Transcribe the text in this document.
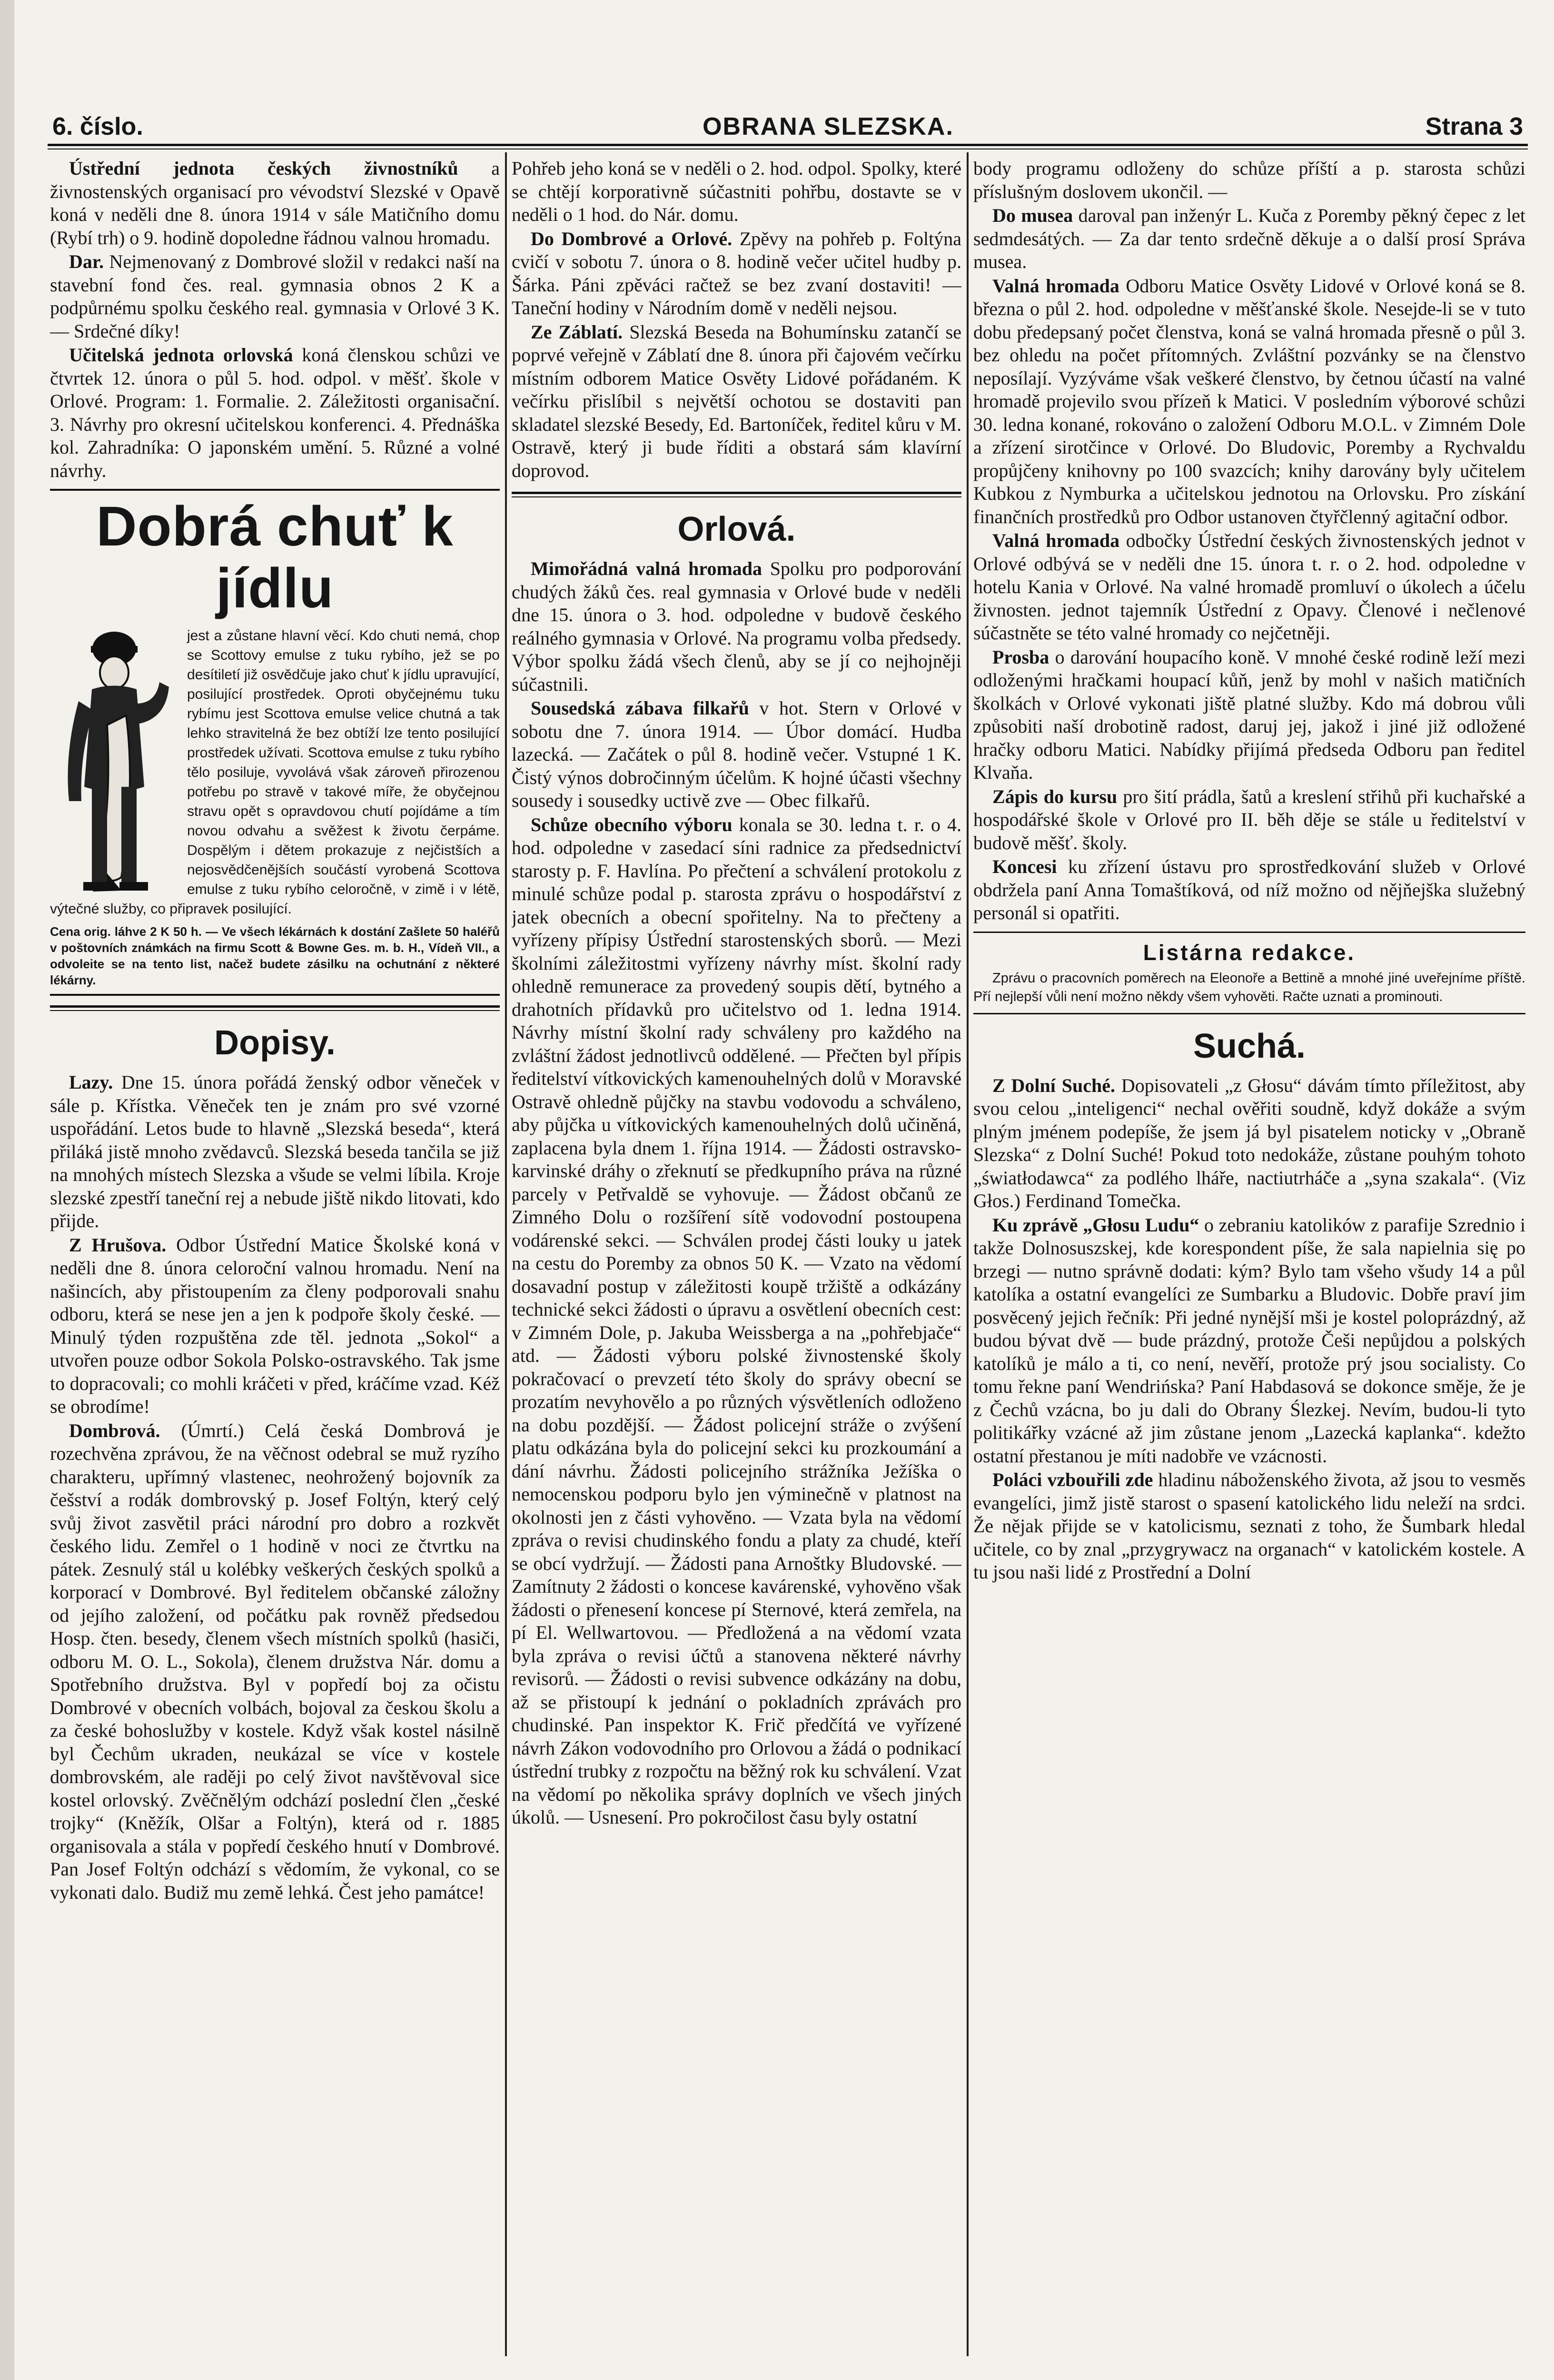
6. číslo.	OBRANA SLEZSKA.	Strana 3

Ústřední jednota českých živnostníků a živnostenských organisací pro vévodství Slezské v Opavě koná v neděli dne 8. února 1914 v sále Matičního domu (Rybí trh) o 9. hodině dopoledne řádnou valnou hromadu.

Dar. Nejmenovaný z Dombrové složil v redakci naší na stavební fond čes. real. gymnasia obnos 2 K a podpůrnému spolku českého real. gymnasia v Orlové 3 K. — Srdečné díky!

Učitelská jednota orlovská koná členskou schůzi ve čtvrtek 12. února o půl 5. hod. odpol. v měšť. škole v Orlové. Program: 1. Formalie. 2. Záležitosti organisační. 3. Návrhy pro okresní učitelskou konferenci. 4. Přednáška kol. Zahradníka: O japonském umění. 5. Různé a volné návrhy.

Dobrá chuť k jídlu
jest a zůstane hlavní věcí. Kdo chuti nemá, chop se Scottovy emulse z tuku rybího, jež se po desítiletí již osvědčuje jako chuť k jídlu upravující, posilující prostředek. Oproti obyčejnému tuku rybímu jest Scottova emulse velice chutná a tak lehko stravitelná že bez obtíží lze tento posilující prostředek užívati. Scottova emulse z tuku rybího tělo posiluje, vyvolává však zároveň přirozenou potřebu po stravě v takové míře, že obyčejnou stravu opět s opravdovou chutí pojídáme a tím novou odvahu a svěžest k životu čerpáme. Dospělým i dětem prokazuje z nejčistších a nejosvědčenějších součástí vyrobená Scottova emulse z tuku rybího celoročně, v zimě i v létě, výtečné služby, co připravek posilující.
Cena orig. láhve 2 K 50 h. — Ve všech lékárnách k dostání Zašlete 50 haléřů v poštovních známkách na firmu Scott & Bowne Ges. m. b. H., Vídeň VII., a odvoleite se na tento list, načež budete zásilku na ochutnání z některé lékárny.
Dopisy.

Lazy. Dne 15. února pořádá ženský odbor věneček v sále p. Křístka. Věneček ten je znám pro své vzorné uspořádání. Letos bude to hlavně „Slezská beseda“, která přiláká jistě mnoho zvědavců. Slezská beseda tančila se již na mnohých místech Slezska a všude se velmi líbila. Kroje slezské zpestří taneční rej a nebude jiště nikdo litovati, kdo přijde.

Z Hrušova. Odbor Ústřední Matice Školské koná v neděli dne 8. února celoroční valnou hromadu. Není na našincích, aby přistoupením za členy podporovali snahu odboru, která se nese jen a jen k podpoře školy české. — Minulý týden rozpuštěna zde těl. jednota „Sokol“ a utvořen pouze odbor Sokola Polsko-ostravského. Tak jsme to dopracovali; co mohli kráčeti v před, kráčíme vzad. Kéž se obrodíme!

Dombrová. (Úmrtí.) Celá česká Dombrová je rozechvěna zprávou, že na věčnost odebral se muž ryzího charakteru, upřímný vlastenec, neohrožený bojovník za češství a rodák dombrovský p. Josef Foltýn, který celý svůj život zasvětil práci národní pro dobro a rozkvět českého lidu. Zemřel o 1 hodině v noci ze čtvrtku na pátek. Zesnulý stál u kolébky veškerých českých spolků a korporací v Dombrové. Byl ředitelem občanské záložny od jejího založení, od počátku pak rovněž předsedou Hosp. čten. besedy, členem všech místních spolků (hasiči, odboru M. O. L., Sokola), členem družstva Nár. domu a Spotřebního družstva. Byl v popředí boj za očistu Dombrové v obecních volbách, bojoval za českou školu a za české bohoslužby v kostele. Když však kostel násilně byl Čechům ukraden, neukázal se více v kostele dombrovském, ale raději po celý život navštěvoval sice kostel orlovský. Zvěčnělým odchází poslední člen „české trojky“ (Kněžík, Olšar a Foltýn), která od r. 1885 organisovala a stála v popředí českého hnutí v Dombrové. Pan Josef Foltýn odchází s vědomím, že vykonal, co se vykonati dalo. Budiž mu země lehká. Čest jeho památce!

Pohřeb jeho koná se v neděli o 2. hod. odpol. Spolky, které se chtějí korporativně súčastniti pohřbu, dostavte se v neděli o 1 hod. do Nár. domu.

Do Dombrové a Orlové. Zpěvy na pohřeb p. Foltýna cvičí v sobotu 7. února o 8. hodině večer učitel hudby p. Šárka. Páni zpěváci račtež se bez zvaní dostaviti! — Taneční hodiny v Národním domě v neděli nejsou.

Ze Záblatí. Slezská Beseda na Bohumínsku zatančí se poprvé veřejně v Záblatí dne 8. února při čajovém večírku místním odborem Matice Osvěty Lidové pořádaném. K večírku přislíbil s největší ochotou se dostaviti pan skladatel slezské Besedy, Ed. Bartoníček, ředitel kůru v M. Ostravě, který ji bude říditi a obstará sám klavírní doprovod.

Orlová.

Mimořádná valná hromada Spolku pro podporování chudých žáků čes. real gymnasia v Orlové bude v neděli dne 15. února o 3. hod. odpoledne v budově českého reálného gymnasia v Orlové. Na programu volba předsedy. Výbor spolku žádá všech členů, aby se jí co nejhojněji súčastnili.

Sousedská zábava filkařů v hot. Stern v Orlové v sobotu dne 7. února 1914. — Úbor domácí. Hudba lazecká. — Začátek o půl 8. hodině večer. Vstupné 1 K. Čistý výnos dobročinným účelům. K hojné účasti všechny sousedy i sousedky uctivě zve — Obec filkařů.

Schůze obecního výboru konala se 30. ledna t. r. o 4. hod. odpoledne v zasedací síni radnice za předsednictví starosty p. F. Havlína. Po přečtení a schválení protokolu z minulé schůze podal p. starosta zprávu o hospodářství z jatek obecních a obecní spořitelny. Na to přečteny a vyřízeny přípisy Ústřední starostenských sborů. — Mezi školními záležitostmi vyřízeny návrhy míst. školní rady ohledně remunerace za provedený soupis dětí, bytného a drahotních přídavků pro učitelstvo od 1. ledna 1914. Návrhy místní školní rady schváleny pro každého na zvláštní žádost jednotlivců oddělené. — Přečten byl přípis ředitelství vítkovických kamenouhelných dolů v Moravské Ostravě ohledně půjčky na stavbu vodovodu a schváleno, aby půjčka u vítkovických kamenouhelných dolů učiněná, zaplacena byla dnem 1. října 1914. — Žádosti ostravsko-karvinské dráhy o zřeknutí se předkupního práva na různé parcely v Petřvaldě se vyhovuje. — Žádost občanů ze Zimného Dolu o rozšíření sítě vodovodní postoupena vodárenské sekci. — Schválen prodej části louky u jatek na cestu do Poremby za obnos 50 K. — Vzato na vědomí dosavadní postup v záležitosti koupě tržiště a odkázány technické sekci žádosti o úpravu a osvětlení obecních cest: v Zimném Dole, p. Jakuba Weissberga a na „pohřebjače“ atd. — Žádosti výboru polské živnostenské školy pokračovací o prevzetí této školy do správy obecní se prozatím nevyhovělo a po různých výsvětleních odloženo na dobu pozdější. — Žádost policejní stráže o zvýšení platu odkázána byla do policejní sekci ku prozkoumání a dání návrhu. Žádosti policejního strážníka Ježíška o nemocenskou podporu bylo jen výminečně v platnost na okolnosti jen z části vyhověno. — Vzata byla na vědomí zpráva o revisi chudinského fondu a platy za chudé, kteří se obcí vydržují. — Žádosti pana Arnoštky Bludovské. — Zamítnuty 2 žádosti o koncese kavárenské, vyhověno však žádosti o přenesení koncese pí Sternové, která zemřela, na pí El. Wellwartovou. — Předložená a na vědomí vzata byla zpráva o revisi účtů a stanovena některé návrhy revisorů. — Žádosti o revisi subvence odkázány na dobu, až se přistoupí k jednání o pokladních zprávách pro chudinské. Pan inspektor K. Frič předčítá ve vyřízené návrh Zákon vodovodního pro Orlovou a žádá o podnikací ústřední trubky z rozpočtu na běžný rok ku schválení. Vzat na vědomí po několika správy doplních ve všech jiných úkolů. — Usnesení. Pro pokročilost času byly ostatní

body programu odloženy do schůze příští a p. starosta schůzi příslušným doslovem ukončil. —

Do musea daroval pan inženýr L. Kuča z Poremby pěkný čepec z let sedmdesátých. — Za dar tento srdečně děkuje a o další prosí Správa musea.

Valná hromada Odboru Matice Osvěty Lidové v Orlové koná se 8. března o půl 2. hod. odpoledne v měšťanské škole. Nesejde-li se v tuto dobu předepsaný počet členstva, koná se valná hromada přesně o půl 3. bez ohledu na počet přítomných. Zvláštní pozvánky se na členstvo neposílají. Vyzýváme však veškeré členstvo, by četnou účastí na valné hromadě projevilo svou přízeň k Matici. V posledním výborové schůzi 30. ledna konané, rokováno o založení Odboru M.O.L. v Zimném Dole a zřízení sirotčince v Orlové. Do Bludovic, Poremby a Rychvaldu propůjčeny knihovny po 100 svazcích; knihy darovány byly učitelem Kubkou z Nymburka a učitelskou jednotou na Orlovsku. Pro získání finančních prostředků pro Odbor ustanoven čtyřčlenný agitační odbor.

Valná hromada odbočky Ústřední českých živnostenských jednot v Orlové odbývá se v neděli dne 15. února t. r. o 2. hod. odpoledne v hotelu Kania v Orlové. Na valné hromadě promluví o úkolech a účelu živnosten. jednot tajemník Ústřední z Opavy. Členové i nečlenové súčastněte se této valné hromady co nejčetněji.

Prosba o darování houpacího koně. V mnohé české rodině leží mezi odloženými hračkami houpací kůň, jenž by mohl v našich matičních školkách v Orlové vykonati jiště platné služby. Kdo má dobrou vůli způsobiti naší drobotině radost, daruj jej, jakož i jiné již odložené hračky odboru Matici. Nabídky přijímá předseda Odboru pan ředitel Klvaňa.

Zápis do kursu pro šití prádla, šatů a kreslení střihů při kuchařské a hospodářské škole v Orlové pro II. běh děje se stále u ředitelství v budově měšť. školy.

Koncesi ku zřízení ústavu pro sprostředkování služeb v Orlové obdržela paní Anna Tomaštíková, od níž možno od nějňejška služebný personál si opatřiti.

Listárna redakce.
Zprávu o pracovních poměrech na Eleonoře a Bettině a mnohé jiné uveřejníme příště. Pří nejlepší vůli není možno někdy všem vyhověti. Račte uznati a prominouti.
Suchá.

Z Dolní Suché. Dopisovateli „z Głosu“ dávám tímto příležitost, aby svou celou „inteligenci“ nechal ověřiti soudně, když dokáže a svým plným jménem podepíše, že jsem já byl pisatelem noticky v „Obraně Slezska“ z Dolní Suché! Pokud toto nedokáže, zůstane pouhým tohoto „światłodawca“ za podlého lháře, nactiutrháče a „syna szakala“. (Viz Głos.) Ferdinand Tomečka.

Ku zprávě „Głosu Ludu“ o zebraniu katolików z parafije Szrednio i takže Dolnosuszskej, kde korespondent píše, že sala napielnia się po brzegi — nutno správně dodati: kým? Bylo tam všeho všudy 14 a půl katolíka a ostatní evangelíci ze Sumbarku a Bludovic. Dobře praví jim posvěcený jejich řečník: Při jedné nynější mši je kostel poloprázdný, až budou bývat dvě — bude prázdný, protože Češi nepůjdou a polských katolíků je málo a ti, co není, nevěří, protože prý jsou socialisty. Co tomu řekne paní Wendrińska? Paní Habdasová se dokonce směje, že je z Čechů vzácna, bo ju dali do Obrany Ślezkej. Nevím, budou-li tyto politikářky vzácné až jim zůstane jenom „Lazecká kaplanka“. kdežto ostatní přestanou je míti nadobře ve vzácnosti.

Poláci vzbouřili zde hladinu náboženského života, až jsou to vesměs evangelíci, jimž jistě starost o spasení katolického lidu neleží na srdci. Že nějak přijde se v katolicismu, seznati z toho, že Šumbark hledal učitele, co by znal „przygrywacz na organach“ v katolickém kostele. A tu jsou naši lidé z Prostřední a Dolní
